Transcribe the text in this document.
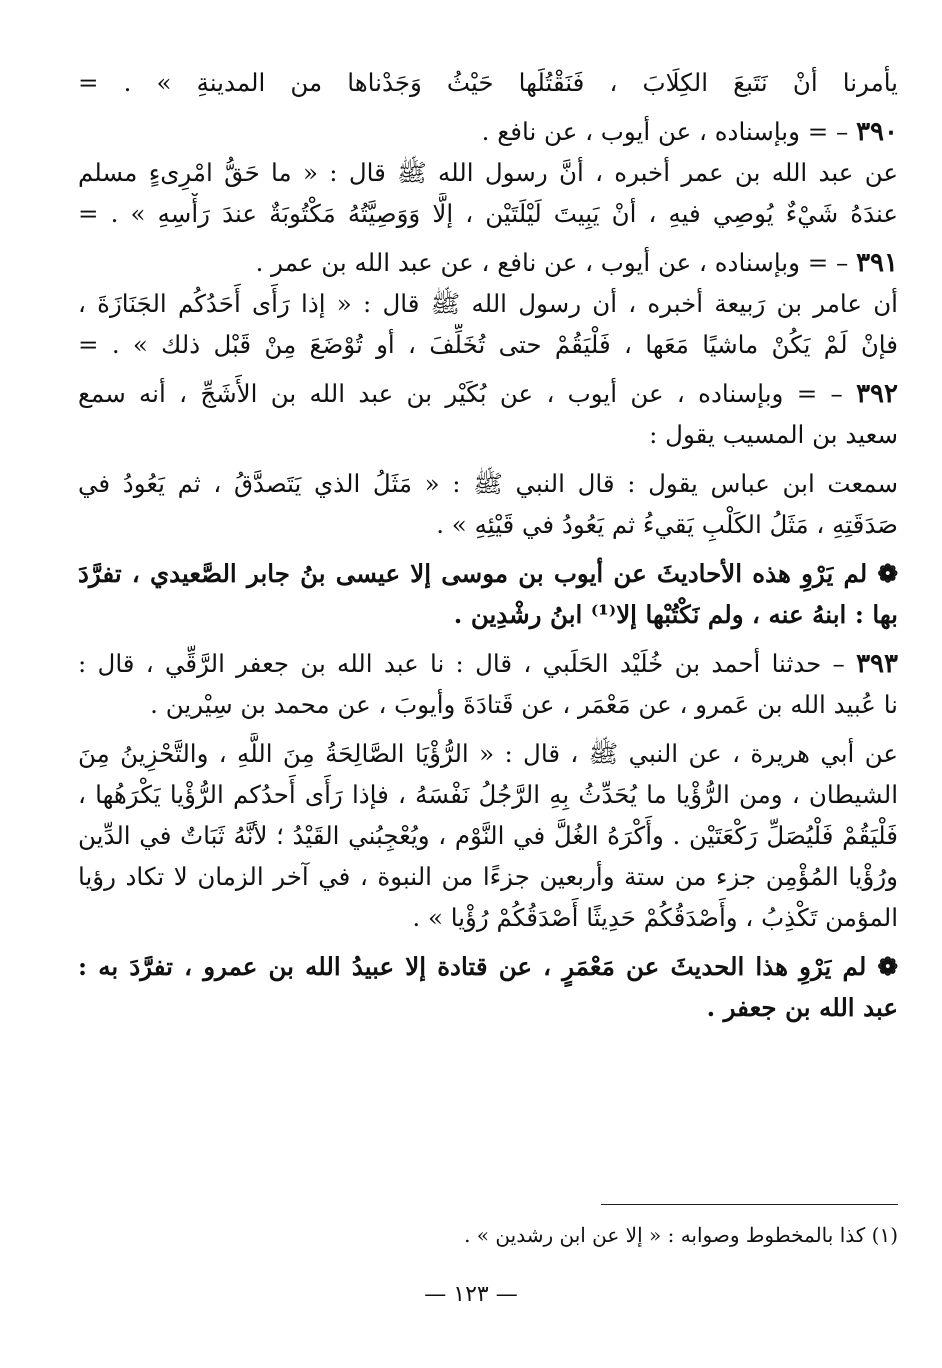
يأمرنا أنْ نَتَبعَ الكِلَابَ ، فَنَقْتُلَها حَيْثُ وَجَدْناها من المدينةِ » . =
٣٩٠ – = وبإسناده ، عن أيوب ، عن نافع .
عن عبد الله بن عمر أخبره ، أنَّ رسول الله ﷺ قال : « ما حَقُّ امْرِىءٍ مسلم
عندَهُ شَيْءٌ يُوصِي فيهِ ، أنْ يَبِيتَ لَيْلَتَيْن ، إلَّا وَوَصِيَّتُهُ مَكْتُوبَةٌ عندَ رَأْسِهِ » . =
٣٩١ – = وبإسناده ، عن أيوب ، عن نافع ، عن عبد الله بن عمر .
أن عامر بن رَبيعة أخبره ، أن رسول الله ﷺ قال : « إذا رَأَى أَحَدُكُم الجَنَازَةَ ،
فإنْ لَمْ يَكُنْ ماشيًا مَعَها ، فَلْيَقُمْ حتى تُخَلِّفَ ، أو تُوْضَعَ مِنْ قَبْل ذلك » . =
٣٩٢ – = وبإسناده ، عن أيوب ، عن بُكَيْر بن عبد الله بن الأَشَجِّ ، أنه سمع
سعيد بن المسيب يقول :
سمعت ابن عباس يقول : قال النبي ﷺ : « مَثَلُ الذي يَتَصدَّقُ ، ثم يَعُودُ في
صَدَقَتِهِ ، مَثَلُ الكَلْبِ يَقيءُ ثم يَعُودُ في قَيْئِهِ » .
❁ لم يَرْوِ هذه الأحاديثَ عن أيوب بن موسى إلا عيسى بنُ جابر الصَّعيدي ، تفرَّدَ
بها : ابنهُ عنه ، ولم نَكْتُبْها إلا⁽¹⁾ ابنُ رشْدِين .
٣٩٣ – حدثنا أحمد بن خُلَيْد الحَلَبي ، قال : نا عبد الله بن جعفر الرَّقِّي ، قال :
نا عُبيد الله بن عَمرو ، عن مَعْمَر ، عن قَتادَةَ وأيوبَ ، عن محمد بن سِيْرين .
عن أبي هريرة ، عن النبي ﷺ ، قال : « الرُّؤْيَا الصَّالِحَةُ مِنَ اللَّهِ ، والتَّحْزِينُ مِنَ
الشيطان ، ومن الرُّؤْيا ما يُحَدِّثُ بِهِ الرَّجُلُ نَفْسَهُ ، فإذا رَأَى أَحدُكم الرُّؤْيا يَكْرَهُها ،
فَلْيَقُمْ فَلْيُصَلِّ رَكْعَتَيْن . وأَكْرَهُ الغُلَّ في النَّوْم ، ويُعْجِبُني القَيْدُ ؛ لأنَّهُ ثَبَاتٌ في الدِّين
ورُؤْيا المُؤْمِن جزء من ستة وأربعين جزءًا من النبوة ، في آخر الزمان لا تكاد رؤيا
المؤمن تَكْذِبُ ، وأَصْدَقُكُمْ حَدِيثًا أَصْدَقُكُمْ رُؤْيا » .
❁ لم يَرْوِ هذا الحديثَ عن مَعْمَرٍ ، عن قتادة إلا عبيدُ الله بن عمرو ، تفرَّدَ به :
عبد الله بن جعفر .
(١) كذا بالمخطوط وصوابه : « إلا عن ابن رشدين » .
— ١٢٣ —
